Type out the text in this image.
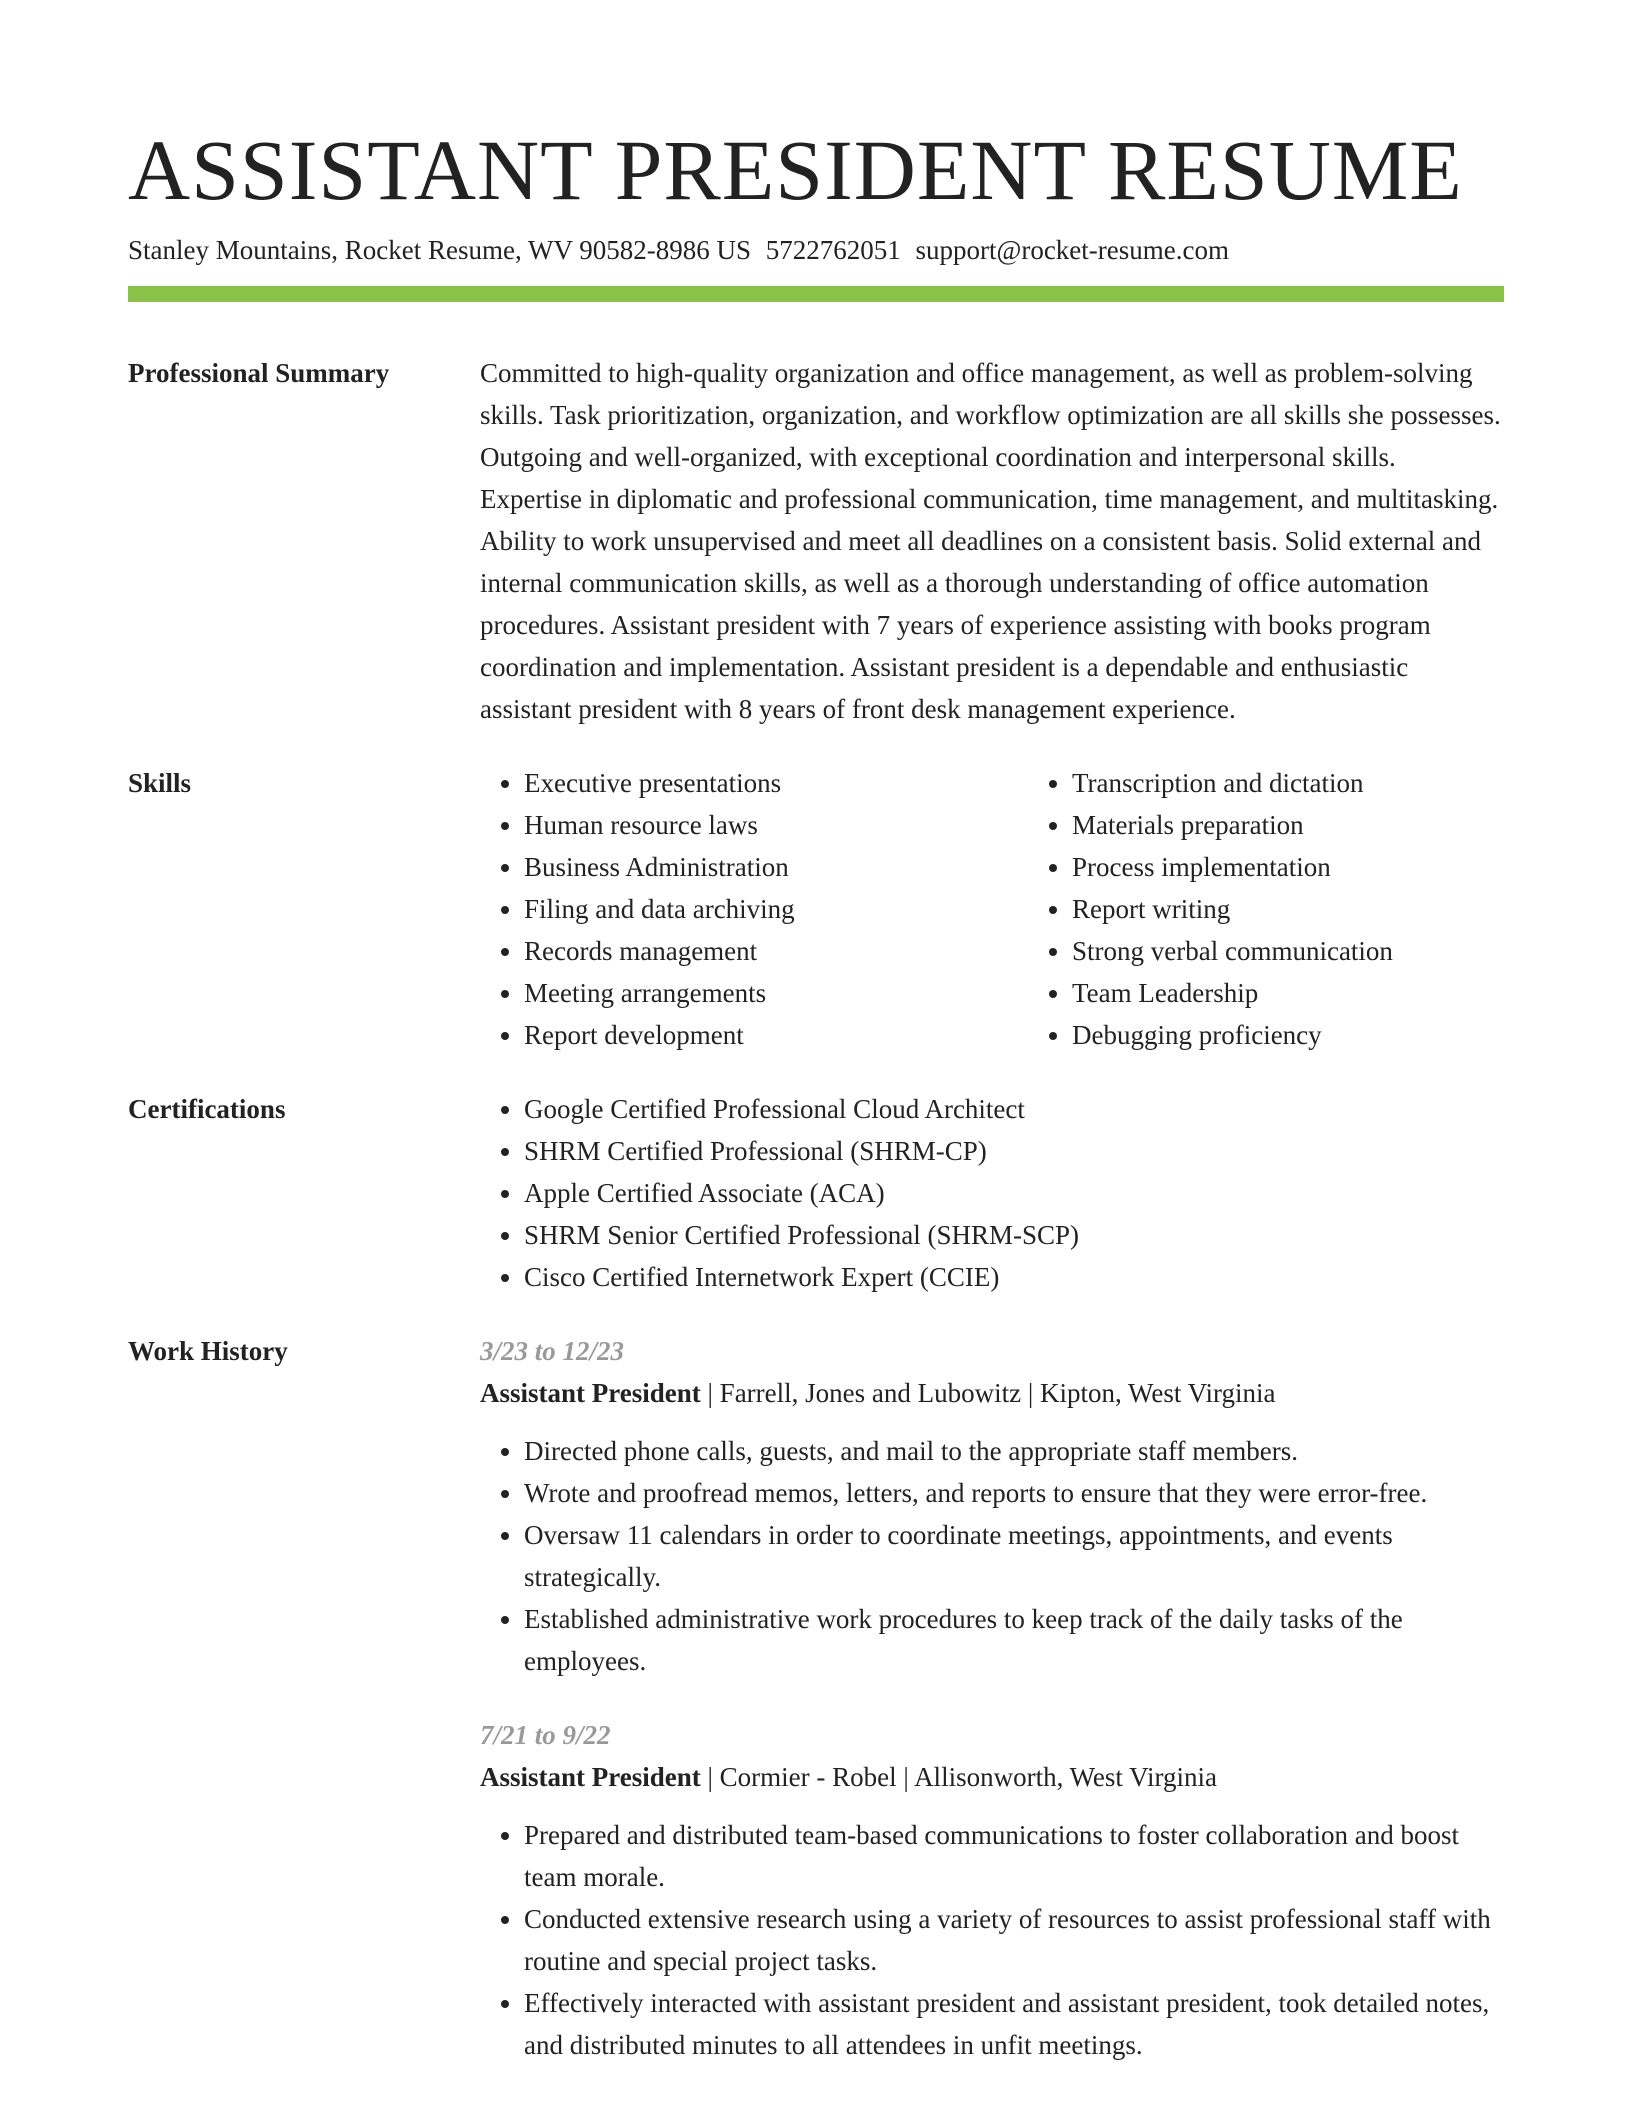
ASSISTANT PRESIDENT RESUME
Stanley Mountains, Rocket Resume, WV 90582-8986 US 5722762051 support@rocket-resume.com
Professional Summary	Committed to high-quality organization and office management, as well as problem-solving skills. Task prioritization, organization, and workflow optimization are all skills she possesses. Outgoing and well-organized, with exceptional coordination and interpersonal skills. Expertise in diplomatic and professional communication, time management, and multitasking. Ability to work unsupervised and meet all deadlines on a consistent basis. Solid external and internal communication skills, as well as a thorough understanding of office automation procedures. Assistant president with 7 years of experience assisting with books program coordination and implementation. Assistant president is a dependable and enthusiastic assistant president with 8 years of front desk management experience.
Skills	• Executive presentations
• Human resource laws
• Business Administration
• Filing and data archiving
• Records management
• Meeting arrangements
• Report development
• Transcription and dictation
• Materials preparation
• Process implementation
• Report writing
• Strong verbal communication
• Team Leadership
• Debugging proficiency
Certifications	• Google Certified Professional Cloud Architect
• SHRM Certified Professional (SHRM-CP)
• Apple Certified Associate (ACA)
• SHRM Senior Certified Professional (SHRM-SCP)
• Cisco Certified Internetwork Expert (CCIE)
Work History	3/23 to 12/23
Assistant President | Farrell, Jones and Lubowitz | Kipton, West Virginia
• Directed phone calls, guests, and mail to the appropriate staff members.
• Wrote and proofread memos, letters, and reports to ensure that they were error-free.
• Oversaw 11 calendars in order to coordinate meetings, appointments, and events strategically.
• Established administrative work procedures to keep track of the daily tasks of the employees.
7/21 to 9/22
Assistant President | Cormier - Robel | Allisonworth, West Virginia
• Prepared and distributed team-based communications to foster collaboration and boost team morale.
• Conducted extensive research using a variety of resources to assist professional staff with routine and special project tasks.
• Effectively interacted with assistant president and assistant president, took detailed notes, and distributed minutes to all attendees in unfit meetings.
